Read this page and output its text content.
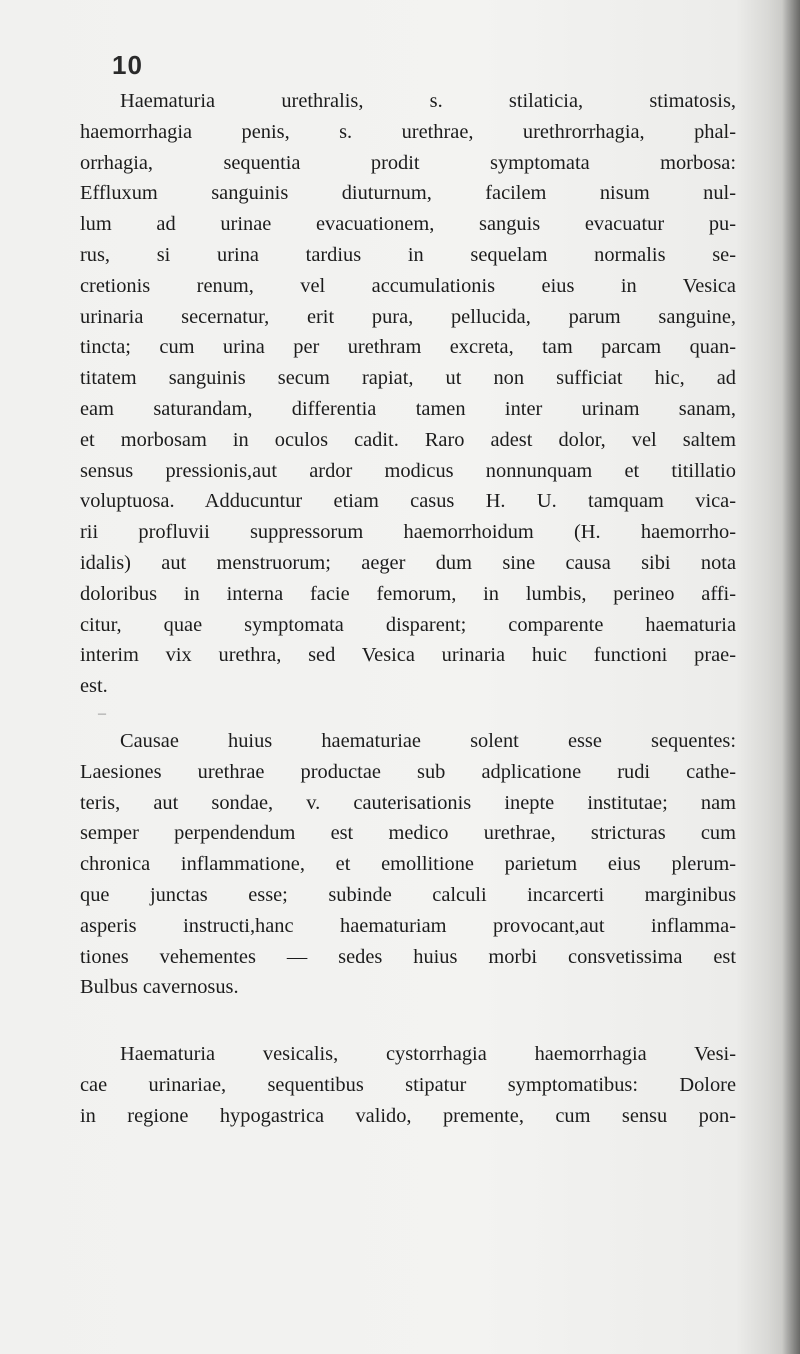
10
Haematuria urethralis, s. stilaticia, stimatosis,
haemorrhagia penis, s. urethrae, urethrorrhagia, phal-
orrhagia, sequentia prodit symptomata morbosa:
Effluxum sanguinis diuturnum, facilem nisum nul-
lum ad urinae evacuationem, sanguis evacuatur pu-
rus, si urina tardius in sequelam normalis se-
cretionis renum, vel accumulationis eius in Vesica
urinaria secernatur, erit pura, pellucida, parum sanguine,
tincta; cum urina per urethram excreta, tam parcam quan-
titatem sanguinis secum rapiat, ut non sufficiat hic, ad
eam saturandam, differentia tamen inter urinam sanam,
et morbosam in oculos cadit. Raro adest dolor, vel saltem
sensus pressionis,aut ardor modicus nonnunquam et titillatio
voluptuosa. Adducuntur etiam casus H. U. tamquam vica-
rii profluvii suppressorum haemorrhoidum (H. haemorrho-
idalis) aut menstruorum; aeger dum sine causa sibi nota
doloribus in interna facie femorum, in lumbis, perineo affi-
citur, quae symptomata disparent; comparente haematuria
interim vix urethra, sed Vesica urinaria huic functioni prae-
est.
–
Causae huius haematuriae solent esse sequentes:
Laesiones urethrae productae sub adplicatione rudi cathe-
teris, aut sondae, v. cauterisationis inepte institutae; nam
semper perpendendum est medico urethrae, stricturas cum
chronica inflammatione, et emollitione parietum eius plerum-
que junctas esse; subinde calculi incarcerti marginibus
asperis instructi,hanc haematuriam provocant,aut inflamma-
tiones vehementes — sedes huius morbi consvetissima est
Bulbus cavernosus.
Haematuria vesicalis, cystorrhagia haemorrhagia Vesi-
cae urinariae, sequentibus stipatur symptomatibus: Dolore
in regione hypogastrica valido, premente, cum sensu pon-
